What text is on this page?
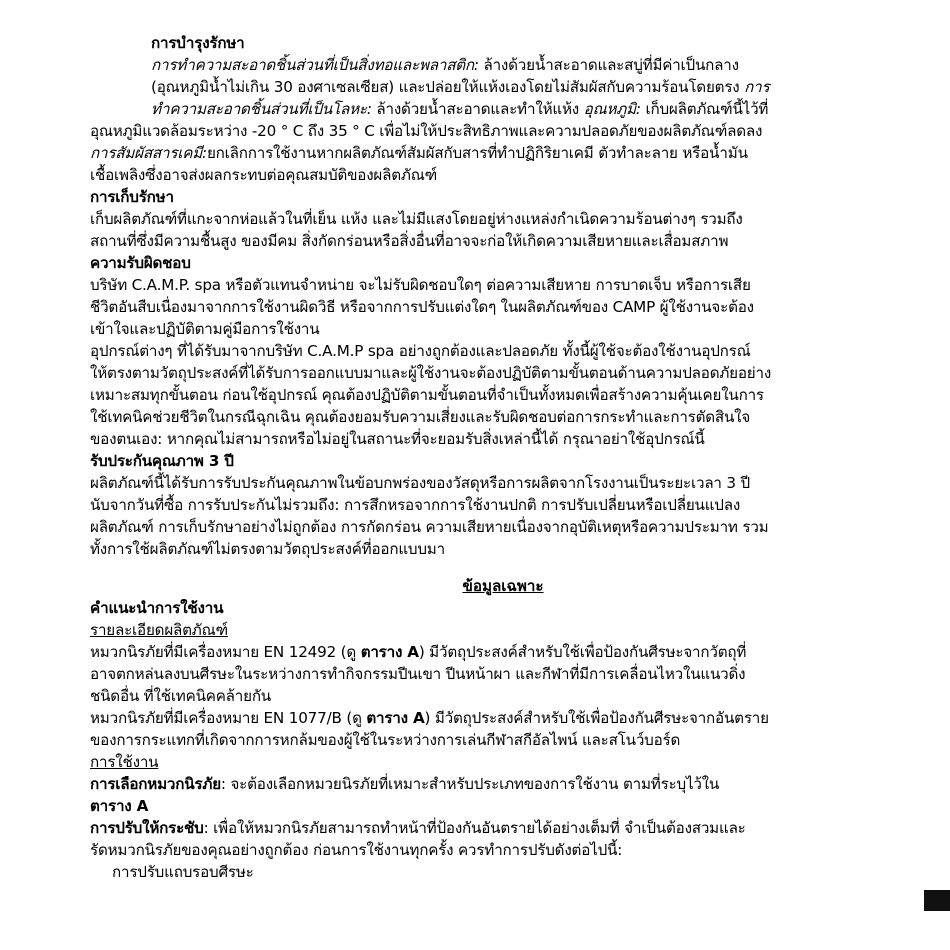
การบำรุงรักษา
การทำความสะอาดชิ้นส่วนที่เป็นสิ่งทอและพลาสติก: ล้างด้วยน้ำสะอาดและสบู่ที่มีค่าเป็นกลาง
(อุณหภูมิน้ำไม่เกิน 30 องศาเซลเซียส) และปล่อยให้แห้งเองโดยไม่สัมผัสกับความร้อนโดยตรง การ
ทำความสะอาดชิ้นส่วนที่เป็นโลหะ: ล้างด้วยน้ำสะอาดและทำให้แห้ง อุณหภูมิ: เก็บผลิตภัณฑ์นี้ไว้ที่
อุณหภูมิแวดล้อมระหว่าง -20 ° C ถึง 35 ° C เพื่อไม่ให้ประสิทธิภาพและความปลอดภัยของผลิตภัณฑ์ลดลง
การสัมผัสสารเคมี:ยกเลิกการใช้งานหากผลิตภัณฑ์สัมผัสกับสารที่ทำปฏิกิริยาเคมี ตัวทำละลาย หรือน้ำมัน
เชื้อเพลิงซึ่งอาจส่งผลกระทบต่อคุณสมบัติของผลิตภัณฑ์
การเก็บรักษา
เก็บผลิตภัณฑ์ที่แกะจากห่อแล้วในที่เย็น แห้ง และไม่มีแสงโดยอยู่ห่างแหล่งกำเนิดความร้อนต่างๆ รวมถึง
สถานที่ซึ่งมีความชื้นสูง ของมีคม สิ่งกัดกร่อนหรือสิ่งอื่นที่อาจจะก่อให้เกิดความเสียหายและเสื่อมสภาพ
ความรับผิดชอบ
บริษัท C.A.M.P. spa หรือตัวแทนจำหน่าย จะไม่รับผิดชอบใดๆ ต่อความเสียหาย การบาดเจ็บ หรือการเสีย
ชีวิตอันสืบเนื่องมาจากการใช้งานผิดวิธี หรือจากการปรับแต่งใดๆ ในผลิตภัณฑ์ของ CAMP ผู้ใช้งานจะต้อง
เข้าใจและปฏิบัติตามคู่มือการใช้งาน
อุปกรณ์ต่างๆ ที่ได้รับมาจากบริษัท C.A.M.P spa อย่างถูกต้องและปลอดภัย ทั้งนี้ผู้ใช้จะต้องใช้งานอุปกรณ์
ให้ตรงตามวัตถุประสงค์ที่ได้รับการออกแบบมาและผู้ใช้งานจะต้องปฏิบัติตามขั้นตอนด้านความปลอดภัยอย่าง
เหมาะสมทุกขั้นตอน ก่อนใช้อุปกรณ์ คุณต้องปฏิบัติตามขั้นตอนที่จำเป็นทั้งหมดเพื่อสร้างความคุ้นเคยในการ
ใช้เทคนิคช่วยชีวิตในกรณีฉุกเฉิน คุณต้องยอมรับความเสี่ยงและรับผิดชอบต่อการกระทำและการตัดสินใจ
ของตนเอง: หากคุณไม่สามารถหรือไม่อยู่ในสถานะที่จะยอมรับสิ่งเหล่านี้ได้ กรุณาอย่าใช้อุปกรณ์นี้
รับประกันคุณภาพ 3 ปี
ผลิตภัณฑ์นี้ได้รับการรับประกันคุณภาพในข้อบกพร่องของวัสดุหรือการผลิตจากโรงงานเป็นระยะเวลา 3 ปี
นับจากวันที่ซื้อ การรับประกันไม่รวมถึง: การสึกหรอจากการใช้งานปกติ การปรับเปลี่ยนหรือเปลี่ยนแปลง
ผลิตภัณฑ์ การเก็บรักษาอย่างไม่ถูกต้อง การกัดกร่อน ความเสียหายเนื่องจากอุบัติเหตุหรือความประมาท รวม
ทั้งการใช้ผลิตภัณฑ์ไม่ตรงตามวัตถุประสงค์ที่ออกแบบมา
ข้อมูลเฉพาะ
คำแนะนำการใช้งาน
รายละเอียดผลิตภัณฑ์
หมวกนิรภัยที่มีเครื่องหมาย EN 12492 (ดู ตาราง A) มีวัตถุประสงค์สำหรับใช้เพื่อป้องกันศีรษะจากวัตถุที่
อาจตกหล่นลงบนศีรษะในระหว่างการทำกิจกรรมปีนเขา ปีนหน้าผา และกีฬาที่มีการเคลื่อนไหวในแนวดิ่ง
ชนิดอื่น ที่ใช้เทคนิคคล้ายกัน
หมวกนิรภัยที่มีเครื่องหมาย EN 1077/B (ดู ตาราง A) มีวัตถุประสงค์สำหรับใช้เพื่อป้องกันศีรษะจากอันตราย
ของการกระแทกที่เกิดจากการหกล้มของผู้ใช้ในระหว่างการเล่นกีฬาสกีอัลไพน์ และสโนว์บอร์ด
การใช้งาน
การเลือกหมวกนิรภัย: จะต้องเลือกหมวยนิรภัยที่เหมาะสำหรับประเภทของการใช้งาน ตามที่ระบุไว้ใน
ตาราง A
การปรับให้กระชับ: เพื่อให้หมวกนิรภัยสามารถทำหน้าที่ป้องกันอันตรายได้อย่างเต็มที่ จำเป็นต้องสวมและ
รัดหมวกนิรภัยของคุณอย่างถูกต้อง ก่อนการใช้งานทุกครั้ง ควรทำการปรับดังต่อไปนี้:
การปรับแถบรอบศีรษะ
